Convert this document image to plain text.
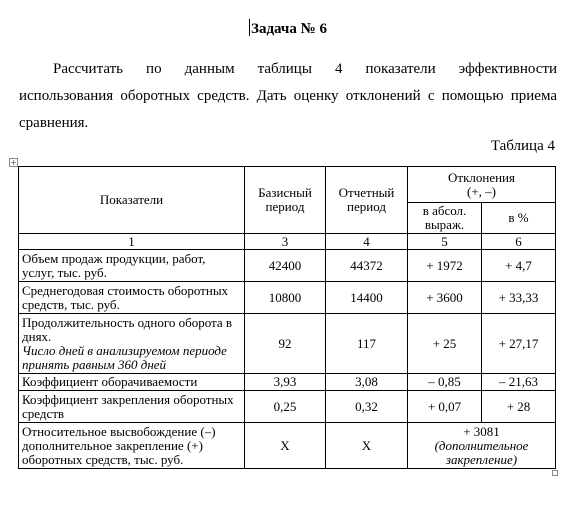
Задача № 6
Рассчитать по данным таблицы 4 показатели эффективности
использования оборотных средств. Дать оценку отклонений с помощью приема
сравнения.
Таблица 4
+
Показатели	Базисный период	Отчетный период	Отклонения
(+, –)	

			в абсол. выраж.	в %
1	3	4	5	6
Объем продаж продукции, работ, услуг, тыс. руб.	42400	44372	+ 1972	+ 4,7
Среднегодовая стоимость оборотных средств, тыс. руб.	10800	14400	+ 3600	+ 33,33

Продолжительность одного оборота в днях.
Число дней в анализируемом периоде принять равным 360 дней	92	117	+ 25	+ 27,17
Коэффициент оборачиваемости	3,93	3,08	– 0,85	– 21,63
Коэффициент закрепления оборотных средств	0,25	0,32	+ 0,07	+ 28
Относительное высвобождение (–) дополнительное закрепление (+) оборотных средств, тыс. руб.	Х	Х	+ 3081
(дополнительное закрепление)	
